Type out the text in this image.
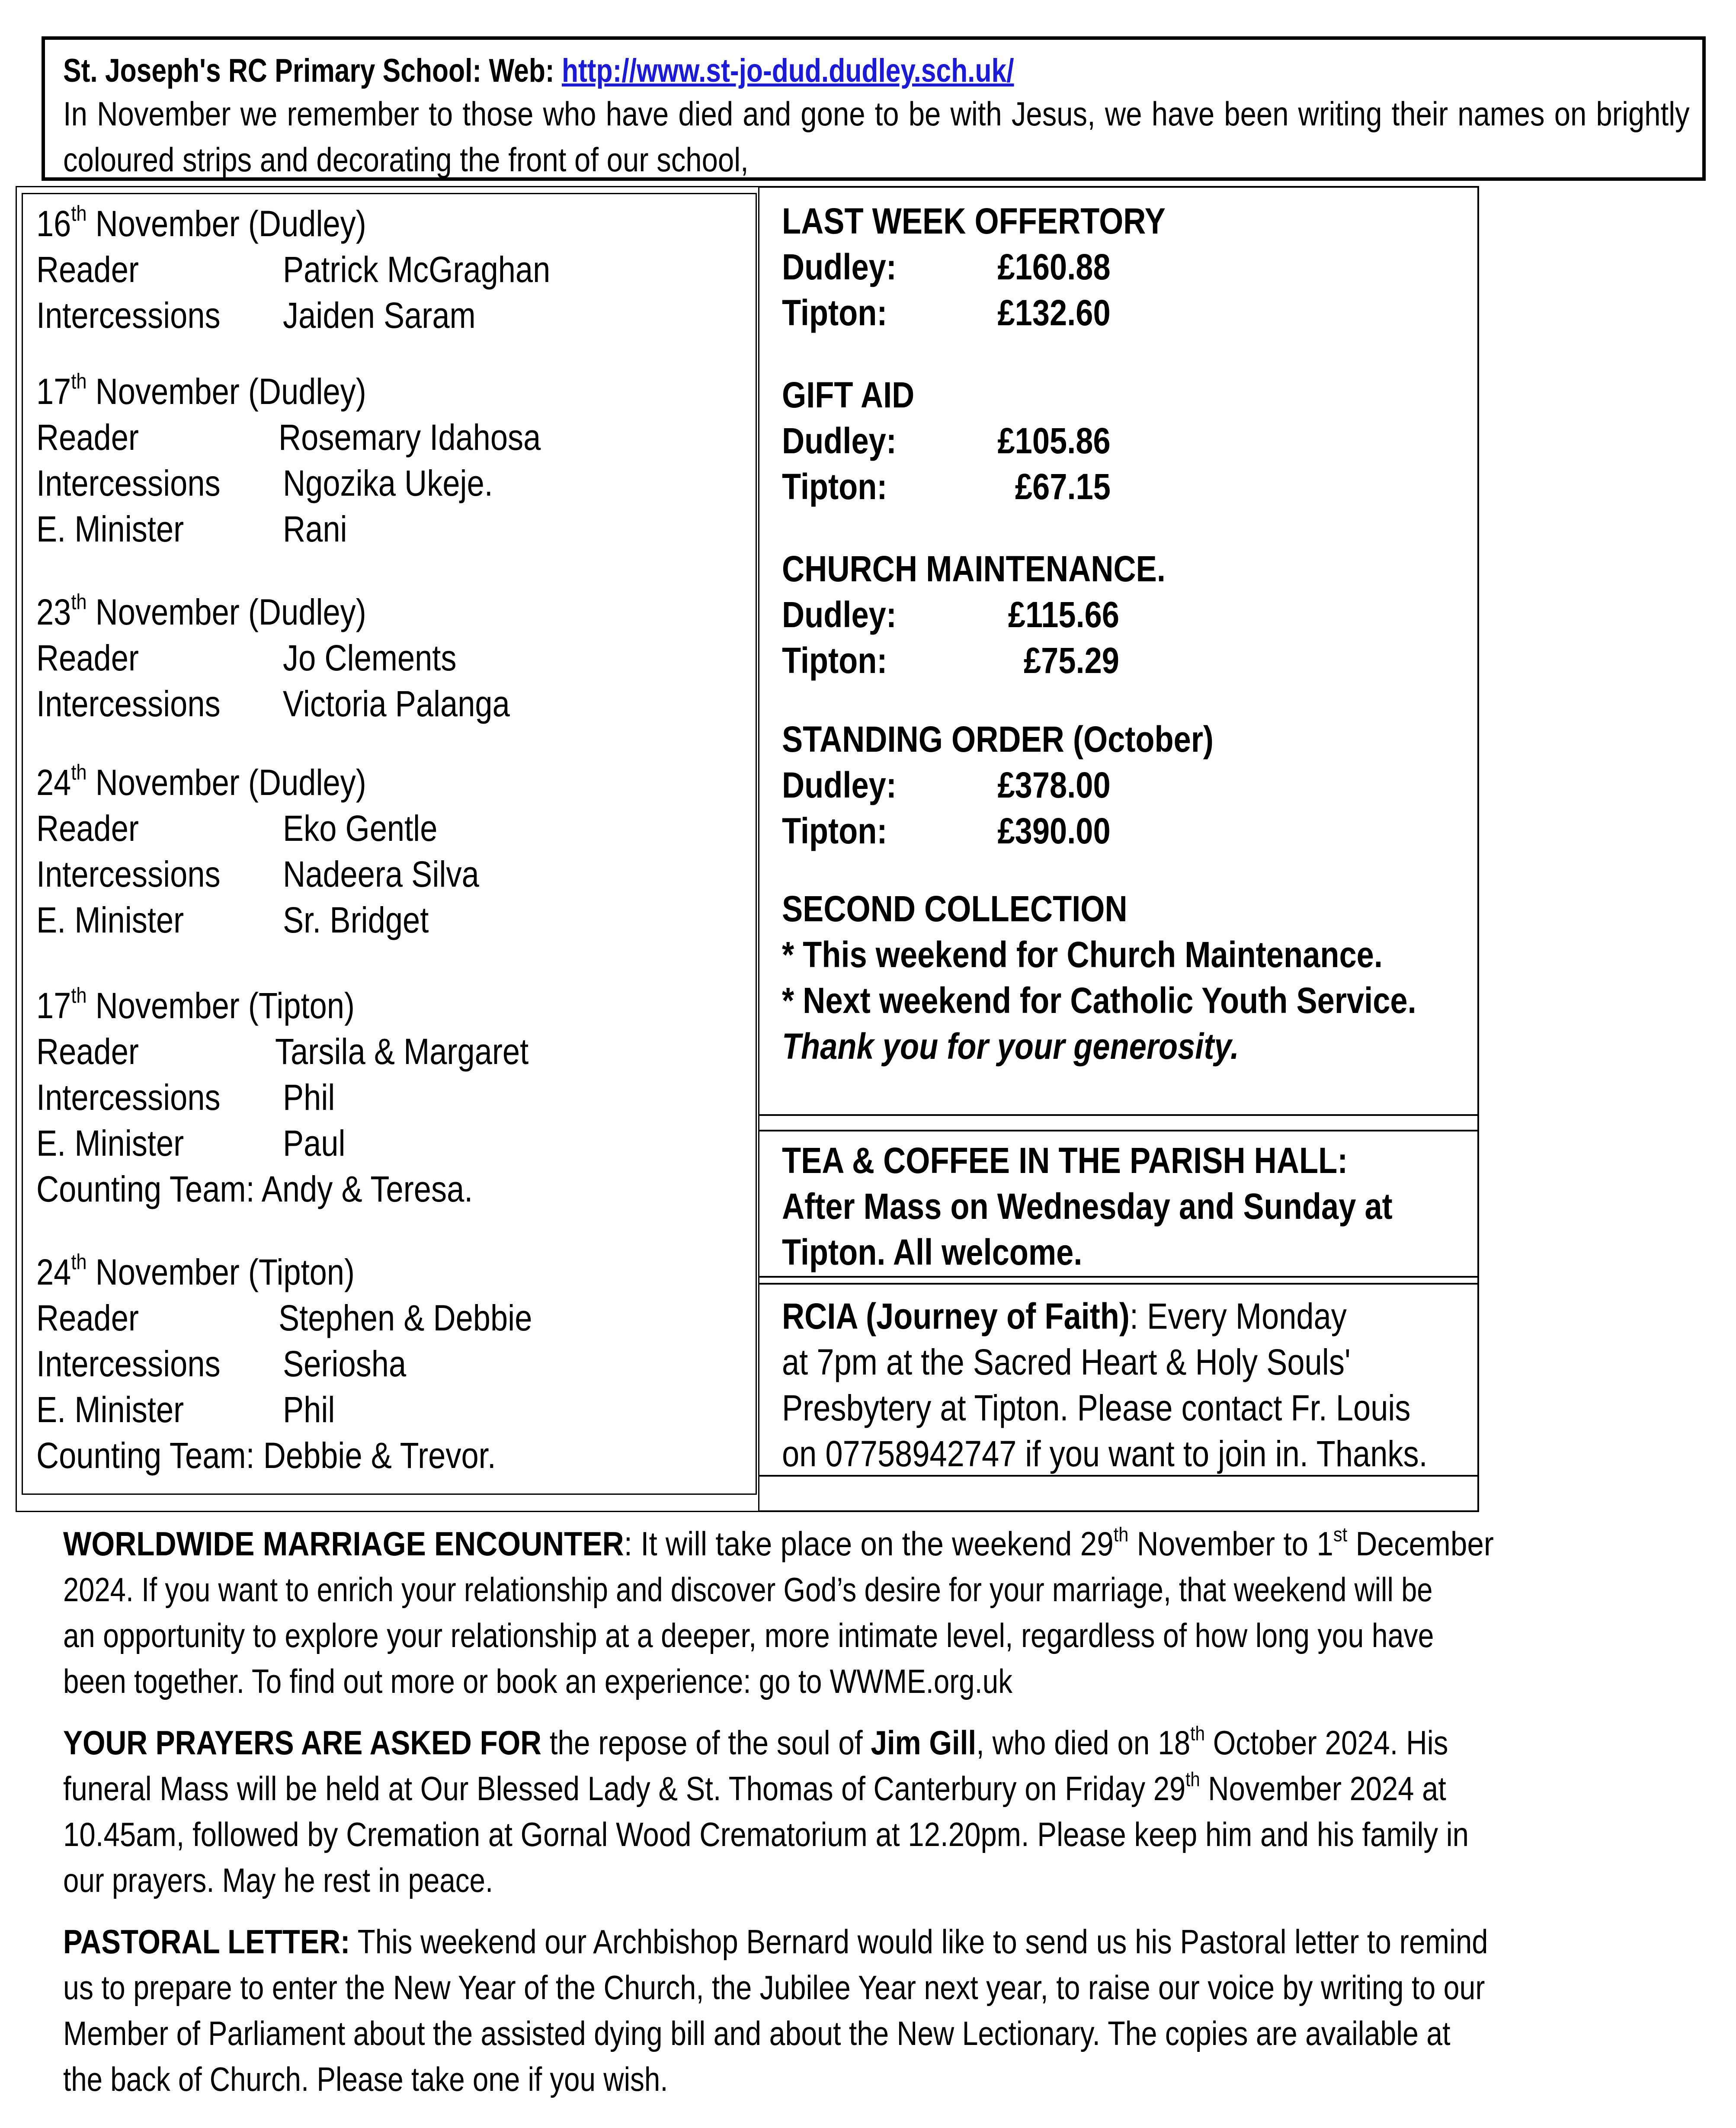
St. Joseph's RC Primary School: Web: http://www.st-jo-dud.dudley.sch.uk/
In November we remember to those who have died and gone to be with Jesus, we have been writing their names on brightly coloured strips and decorating the front of our school,
16th November (Dudley)
Reader	Patrick McGraghan
Intercessions Jaiden Saram
17th November (Dudley)
Reader	Rosemary Idahosa
Intercessions Ngozika Ukeje.
E. Minister	Rani
23th November (Dudley)
Reader	Jo Clements
Intercessions Victoria Palanga
24th November (Dudley)
Reader	Eko Gentle
Intercessions Nadeera Silva
E. Minister	Sr. Bridget
17th November (Tipton)
Reader	Tarsila & Margaret
Intercessions Phil
E. Minister	Paul
Counting Team: Andy & Teresa.
24th November (Tipton)
Reader	Stephen & Debbie
Intercessions Seriosha
E. Minister	Phil
Counting Team: Debbie & Trevor.
LAST WEEK OFFERTORY
Dudley:	£160.88
Tipton:	£132.60
GIFT AID
Dudley:	£105.86
Tipton:	£67.15
CHURCH MAINTENANCE.
Dudley:	£115.66
Tipton:	£75.29
STANDING ORDER (October)
Dudley:	£378.00
Tipton:	£390.00
SECOND COLLECTION
* This weekend for Church Maintenance.
* Next weekend for Catholic Youth Service.
Thank you for your generosity.
TEA & COFFEE IN THE PARISH HALL:
After Mass on Wednesday and Sunday at
Tipton. All welcome.
RCIA (Journey of Faith): Every Monday
at 7pm at the Sacred Heart & Holy Souls'
Presbytery at Tipton. Please contact Fr. Louis
on 07758942747 if you want to join in. Thanks.
WORLDWIDE MARRIAGE ENCOUNTER: It will take place on the weekend 29th November to 1st December
2024. If you want to enrich your relationship and discover God’s desire for your marriage, that weekend will be
an opportunity to explore your relationship at a deeper, more intimate level, regardless of how long you have
been together. To find out more or book an experience: go to WWME.org.uk
YOUR PRAYERS ARE ASKED FOR the repose of the soul of Jim Gill, who died on 18th October 2024. His
funeral Mass will be held at Our Blessed Lady & St. Thomas of Canterbury on Friday 29th November 2024 at
10.45am, followed by Cremation at Gornal Wood Crematorium at 12.20pm. Please keep him and his family in
our prayers. May he rest in peace.
PASTORAL LETTER: This weekend our Archbishop Bernard would like to send us his Pastoral letter to remind
us to prepare to enter the New Year of the Church, the Jubilee Year next year, to raise our voice by writing to our
Member of Parliament about the assisted dying bill and about the New Lectionary. The copies are available at
the back of Church. Please take one if you wish.
